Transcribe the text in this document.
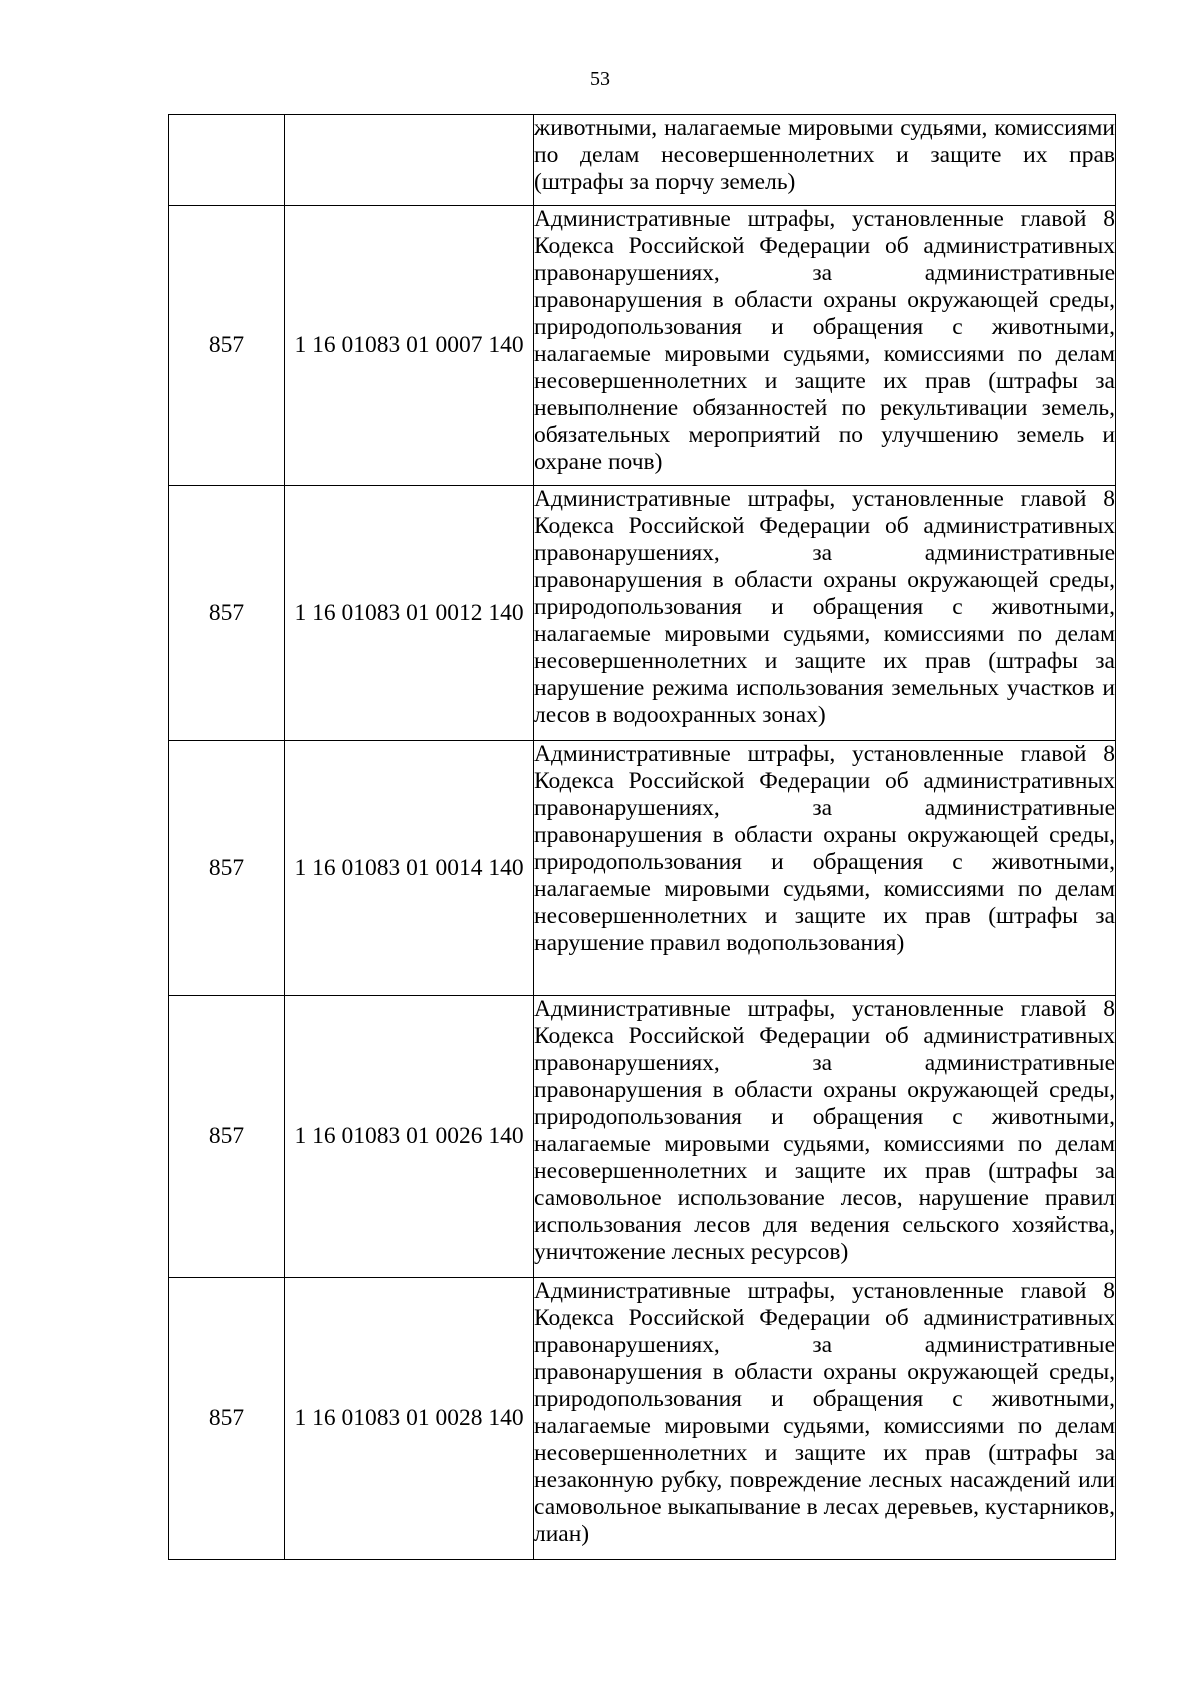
53
		животными, налагаемые мировыми судьями, комиссиями по делам несовершеннолетних и защите их прав (штрафы за порчу земель)
857	1 16 01083 01 0007 140	Административные штрафы, установленные главой 8 Кодекса Российской Федерации об административных правонарушениях, за административные правонарушения в области охраны окружающей среды, природопользования и обращения с животными, налагаемые мировыми судьями, комиссиями по делам несовершеннолетних и защите их прав (штрафы за невыполнение обязанностей по рекультивации земель, обязательных мероприятий по улучшению земель и охране почв)
857	1 16 01083 01 0012 140	Административные штрафы, установленные главой 8 Кодекса Российской Федерации об административных правонарушениях, за административные правонарушения в области охраны окружающей среды, природопользования и обращения с животными, налагаемые мировыми судьями, комиссиями по делам несовершеннолетних и защите их прав (штрафы за нарушение режима использования земельных участков и лесов в водоохранных зонах)
857	1 16 01083 01 0014 140	Административные штрафы, установленные главой 8 Кодекса Российской Федерации об административных правонарушениях, за административные правонарушения в области охраны окружающей среды, природопользования и обращения с животными, налагаемые мировыми судьями, комиссиями по делам несовершеннолетних и защите их прав (штрафы за нарушение правил водопользования)
857	1 16 01083 01 0026 140	Административные штрафы, установленные главой 8 Кодекса Российской Федерации об административных правонарушениях, за административные правонарушения в области охраны окружающей среды, природопользования и обращения с животными, налагаемые мировыми судьями, комиссиями по делам несовершеннолетних и защите их прав (штрафы за самовольное использование лесов, нарушение правил использования лесов для ведения сельского хозяйства, уничтожение лесных ресурсов)
857	1 16 01083 01 0028 140	Административные штрафы, установленные главой 8 Кодекса Российской Федерации об административных правонарушениях, за административные правонарушения в области охраны окружающей среды, природопользования и обращения с животными, налагаемые мировыми судьями, комиссиями по делам несовершеннолетних и защите их прав (штрафы за незаконную рубку, повреждение лесных насаждений или самовольное выкапывание в лесах деревьев, кустарников, лиан)
